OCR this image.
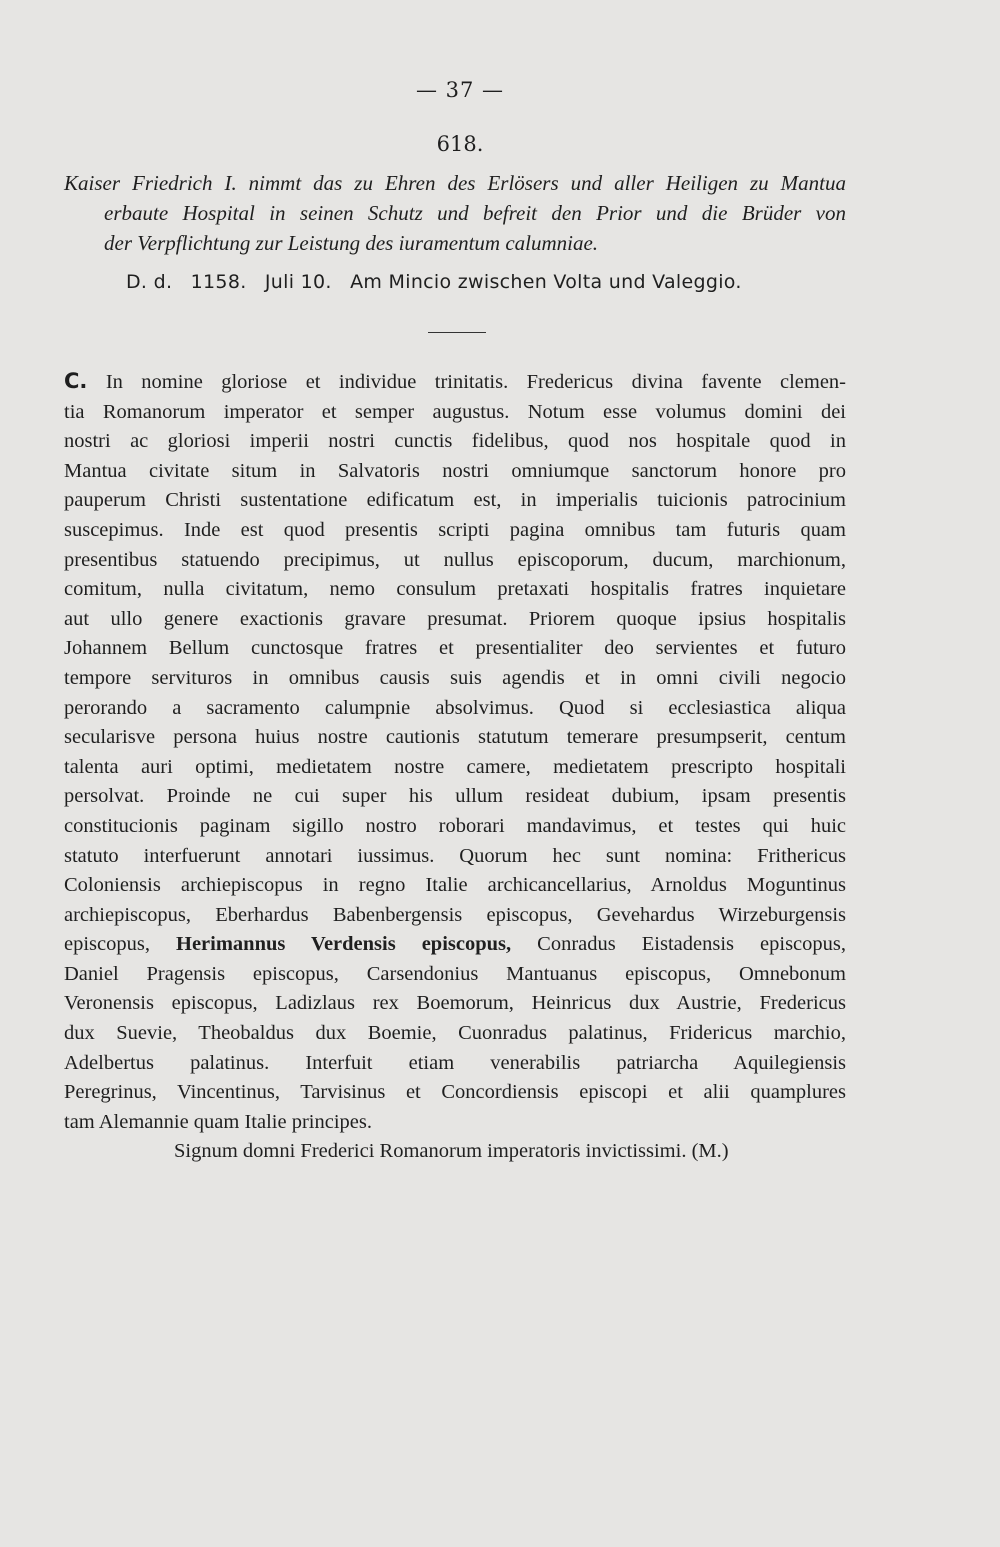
— 37 —
618.
Kaiser Friedrich I. nimmt das zu Ehren des Erlösers und aller Heiligen zu Mantua
erbaute Hospital in seinen Schutz und befreit den Prior und die Brüder von
der Verpflichtung zur Leistung des iuramentum calumniae.
D. d. 1158. Juli 10. Am Mincio zwischen Volta und Valeggio.
C. In nomine gloriose et individue trinitatis. Fredericus divina favente clemen-
tia Romanorum imperator et semper augustus. Notum esse volumus domini dei
nostri ac gloriosi imperii nostri cunctis fidelibus, quod nos hospitale quod in
Mantua civitate situm in Salvatoris nostri omniumque sanctorum honore pro
pauperum Christi sustentatione edificatum est, in imperialis tuicionis patrocinium
suscepimus. Inde est quod presentis scripti pagina omnibus tam futuris quam
presentibus statuendo precipimus, ut nullus episcoporum, ducum, marchionum,
comitum, nulla civitatum, nemo consulum pretaxati hospitalis fratres inquietare
aut ullo genere exactionis gravare presumat. Priorem quoque ipsius hospitalis
Johannem Bellum cunctosque fratres et presentialiter deo servientes et futuro
tempore servituros in omnibus causis suis agendis et in omni civili negocio
perorando a sacramento calumpnie absolvimus. Quod si ecclesiastica aliqua
secularisve persona huius nostre cautionis statutum temerare presumpserit, centum
talenta auri optimi, medietatem nostre camere, medietatem prescripto hospitali
persolvat. Proinde ne cui super his ullum resideat dubium, ipsam presentis
constitucionis paginam sigillo nostro roborari mandavimus, et testes qui huic
statuto interfuerunt annotari iussimus. Quorum hec sunt nomina: Frithericus
Coloniensis archiepiscopus in regno Italie archicancellarius, Arnoldus Moguntinus
archiepiscopus, Eberhardus Babenbergensis episcopus, Gevehardus Wirzeburgensis
episcopus, Herimannus Verdensis episcopus, Conradus Eistadensis episcopus,
Daniel Pragensis episcopus, Carsendonius Mantuanus episcopus, Omnebonum
Veronensis episcopus, Ladizlaus rex Boemorum, Heinricus dux Austrie, Fredericus
dux Suevie, Theobaldus dux Boemie, Cuonradus palatinus, Fridericus marchio,
Adelbertus palatinus. Interfuit etiam venerabilis patriarcha Aquilegiensis
Peregrinus, Vincentinus, Tarvisinus et Concordiensis episcopi et alii quamplures
tam Alemannie quam Italie principes.
Signum domni Frederici Romanorum imperatoris invictissimi. (M.)
